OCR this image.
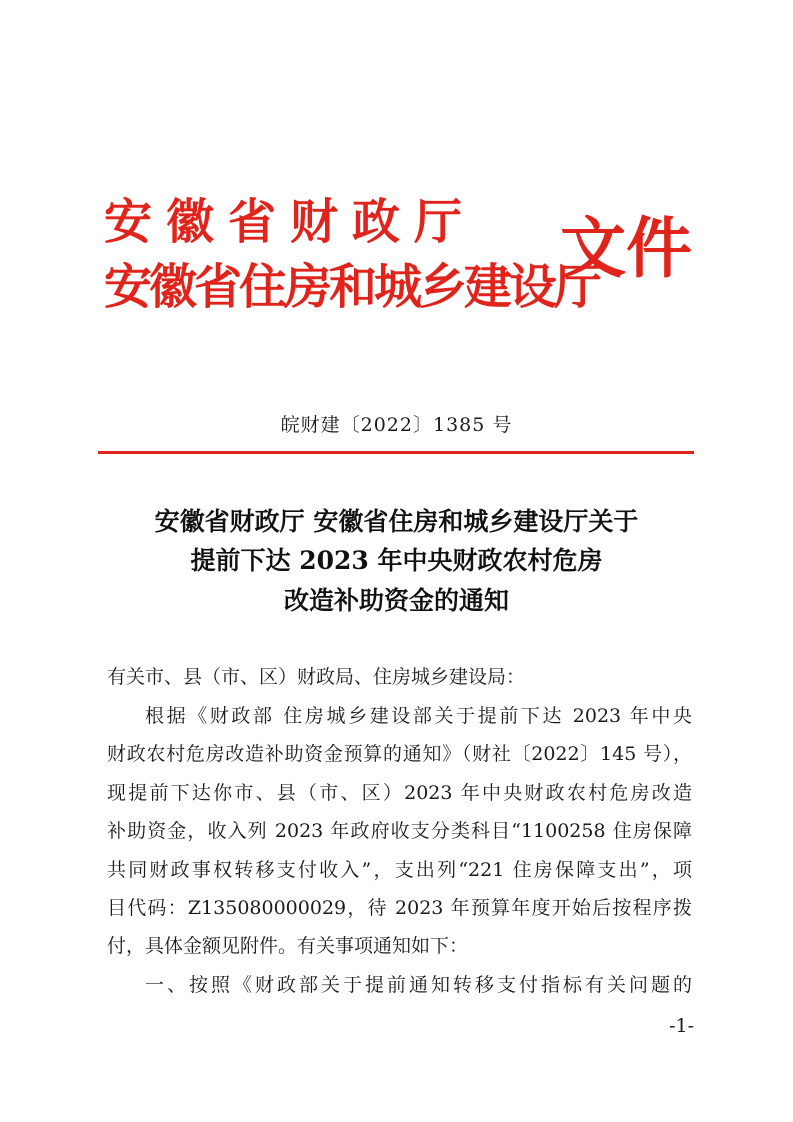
安徽省财政厅
安徽省住房和城乡建设厅
文件
皖财建〔2022〕1385 号
安徽省财政厅 安徽省住房和城乡建设厅关于
提前下达 2023 年中央财政农村危房
改造补助资金的通知
有关市、县（市、区）财政局、住房城乡建设局：
根据《财政部 住房城乡建设部关于提前下达 2023 年中央
财政农村危房改造补助资金预算的通知》（财社〔2022〕145 号），
现提前下达你市、县（市、区）2023 年中央财政农村危房改造
补助资金，收入列 2023 年政府收支分类科目“1100258 住房保障
共同财政事权转移支付收入”，支出列“221 住房保障支出”，项
目代码：Z135080000029，待 2023 年预算年度开始后按程序拨
付，具体金额见附件。有关事项通知如下：
一、按照《财政部关于提前通知转移支付指标有关问题的
-1-
